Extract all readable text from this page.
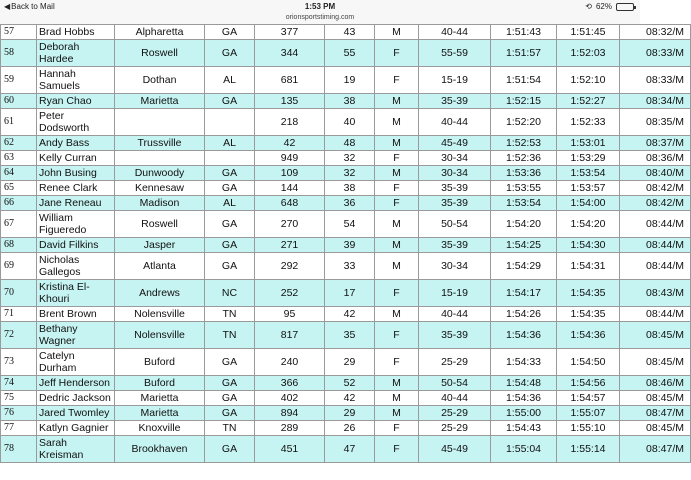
◀Back to Mail	1:53 PM	⟲ 62%
orionsportstiming.com
57	Brad Hobbs	Alpharetta	GA	377	43	M	40-44	1:51:43	1:51:45	08:32/M
58	Deborah Hardee	Roswell	GA	344	55	F	55-59	1:51:57	1:52:03	08:33/M
59	Hannah Samuels	Dothan	AL	681	19	F	15-19	1:51:54	1:52:10	08:33/M
60	Ryan Chao	Marietta	GA	135	38	M	35-39	1:52:15	1:52:27	08:34/M
61	Peter Dodsworth			218	40	M	40-44	1:52:20	1:52:33	08:35/M
62	Andy Bass	Trussville	AL	42	48	M	45-49	1:52:53	1:53:01	08:37/M
63	Kelly Curran			949	32	F	30-34	1:52:36	1:53:29	08:36/M
64	John Busing	Dunwoody	GA	109	32	M	30-34	1:53:36	1:53:54	08:40/M
65	Renee Clark	Kennesaw	GA	144	38	F	35-39	1:53:55	1:53:57	08:42/M
66	Jane Reneau	Madison	AL	648	36	F	35-39	1:53:54	1:54:00	08:42/M
67	William Figueredo	Roswell	GA	270	54	M	50-54	1:54:20	1:54:20	08:44/M
68	David Filkins	Jasper	GA	271	39	M	35-39	1:54:25	1:54:30	08:44/M
69	Nicholas Gallegos	Atlanta	GA	292	33	M	30-34	1:54:29	1:54:31	08:44/M
70	Kristina El-Khouri	Andrews	NC	252	17	F	15-19	1:54:17	1:54:35	08:43/M
71	Brent Brown	Nolensville	TN	95	42	M	40-44	1:54:26	1:54:35	08:44/M
72	Bethany Wagner	Nolensville	TN	817	35	F	35-39	1:54:36	1:54:36	08:45/M
73	Catelyn Durham	Buford	GA	240	29	F	25-29	1:54:33	1:54:50	08:45/M
74	Jeff Henderson	Buford	GA	366	52	M	50-54	1:54:48	1:54:56	08:46/M
75	Dedric Jackson	Marietta	GA	402	42	M	40-44	1:54:36	1:54:57	08:45/M
76	Jared Twomley	Marietta	GA	894	29	M	25-29	1:55:00	1:55:07	08:47/M
77	Katlyn Gagnier	Knoxville	TN	289	26	F	25-29	1:54:43	1:55:10	08:45/M
78	Sarah Kreisman	Brookhaven	GA	451	47	F	45-49	1:55:04	1:55:14	08:47/M
